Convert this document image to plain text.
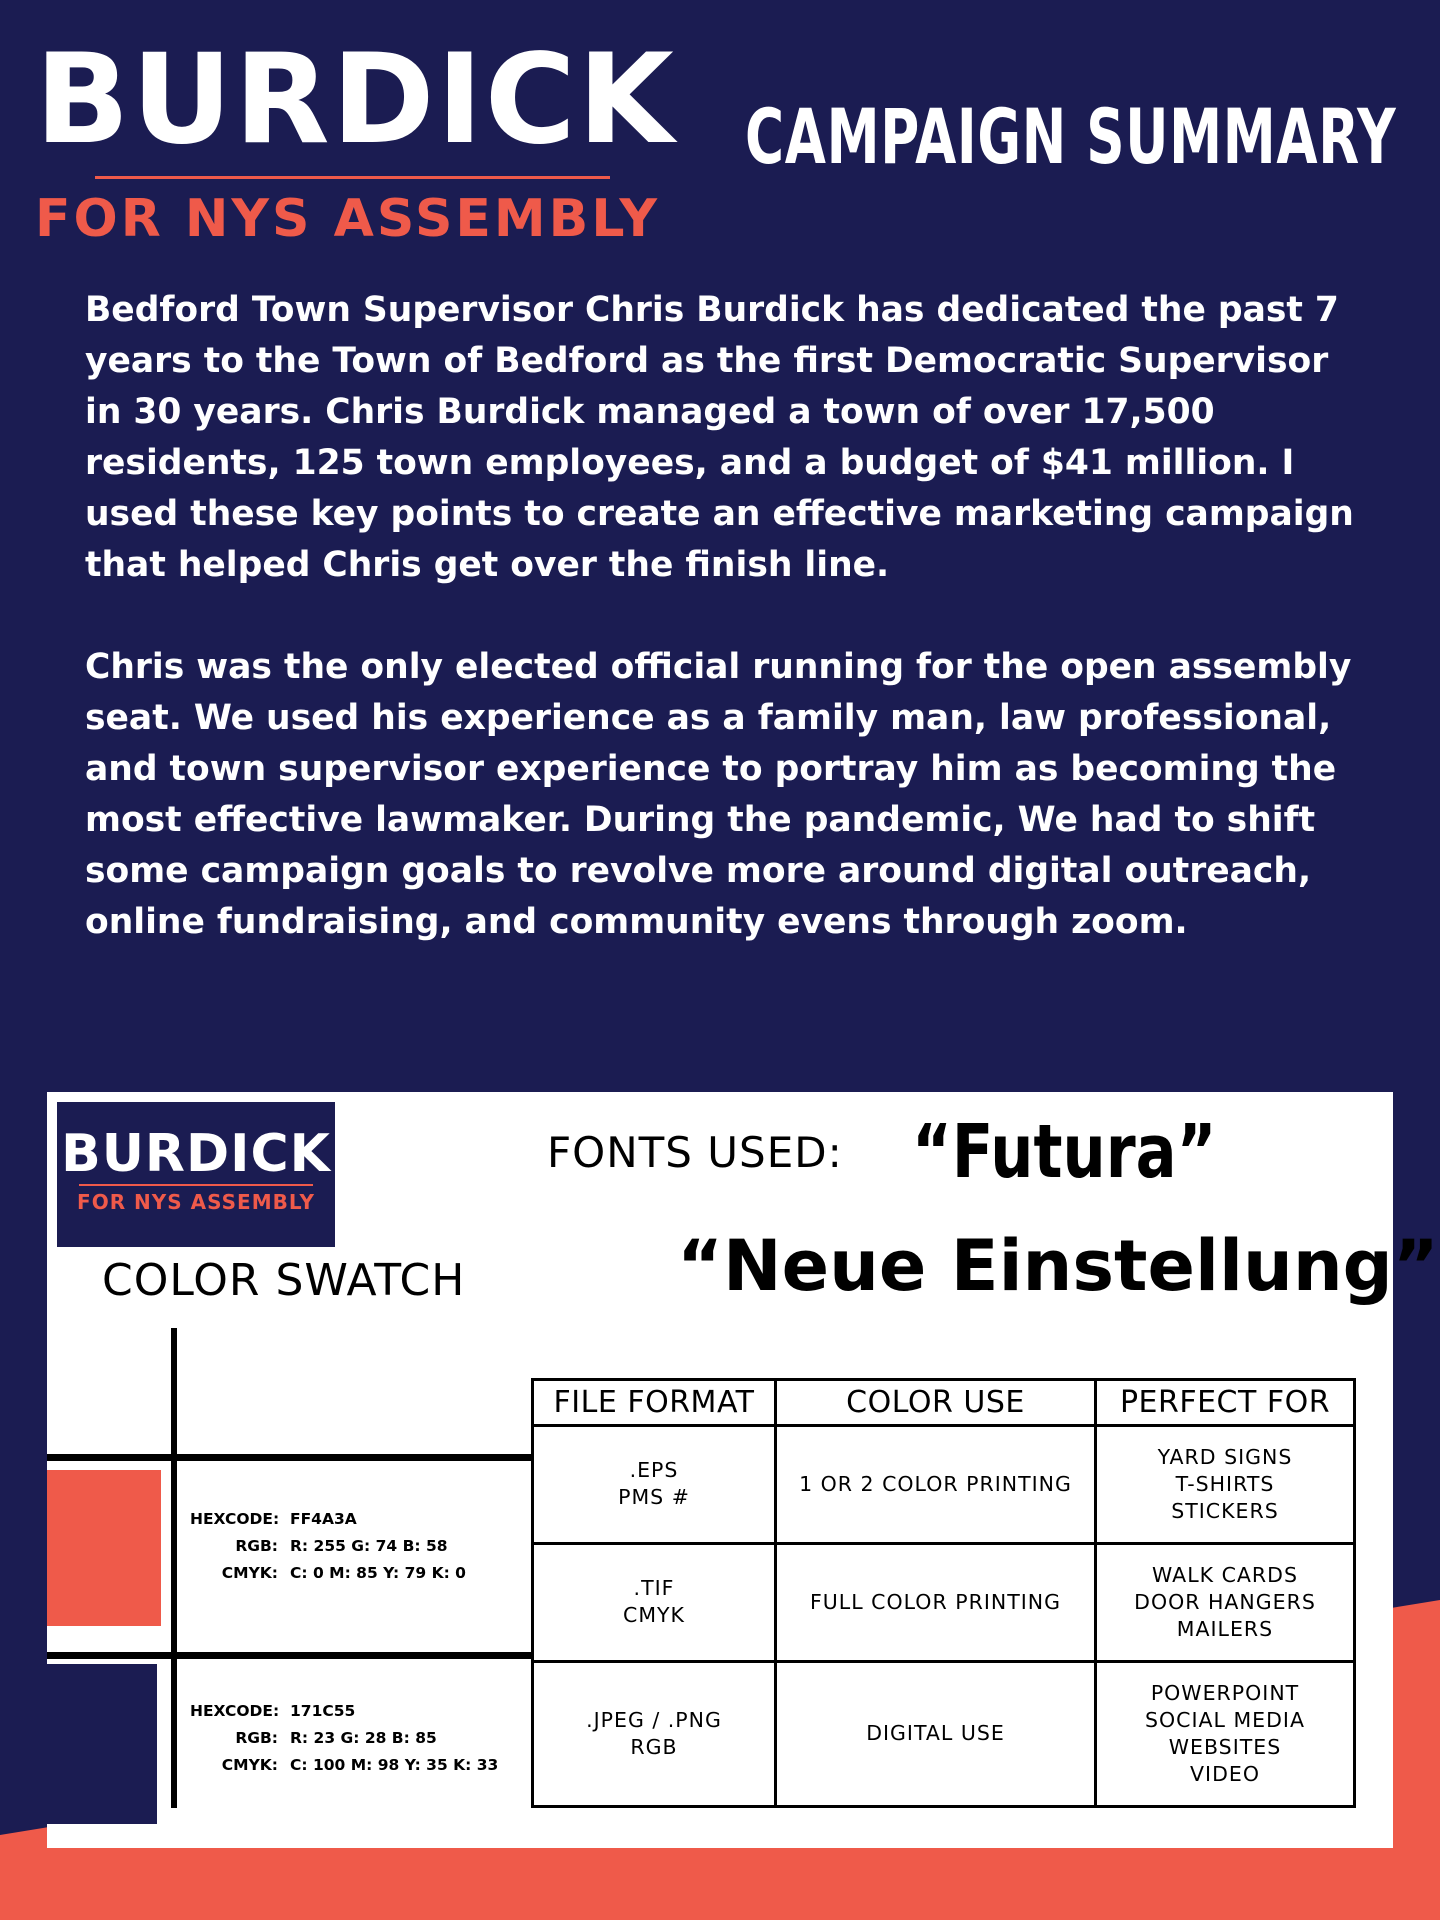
BURDICK
FOR NYS ASSEMBLY
CAMPAIGN SUMMARY

Bedford Town Supervisor Chris Burdick has dedicated the past 7 years to the Town of Bedford as the first Democratic Supervisor in 30 years. Chris Burdick managed a town of over 17,500 residents, 125 town employees, and a budget of $41 million. I used these key points to create an effective marketing campaign that helped Chris get over the finish line.

Chris was the only elected official running for the open assembly seat. We used his experience as a family man, law professional, and town supervisor experience to portray him as becoming the most effective lawmaker. During the pandemic, We had to shift some campaign goals to revolve more around digital outreach, online fundraising, and community evens through zoom.

BURDICK
FOR NYS ASSEMBLY
FONTS USED: “Futura”
“Neue Einstellung”
COLOR SWATCH
HEXCODE: FF4A3A
RGB: R: 255 G: 74 B: 58
CMYK: C: 0 M: 85 Y: 79 K: 0
HEXCODE: 171C55
RGB: R: 23 G: 28 B: 85
CMYK: C: 100 M: 98 Y: 35 K: 33
FILE FORMAT	COLOR USE	PERFECT FOR

.EPS
PMS #	1 OR 2 COLOR PRINTING	YARD SIGNS
T-SHIRTS
STICKERS

.TIF
CMYK	FULL COLOR PRINTING	WALK CARDS
DOOR HANGERS
MAILERS

.JPEG / .PNG
RGB	DIGITAL USE	POWERPOINT
SOCIAL MEDIA
WEBSITES
VIDEO
